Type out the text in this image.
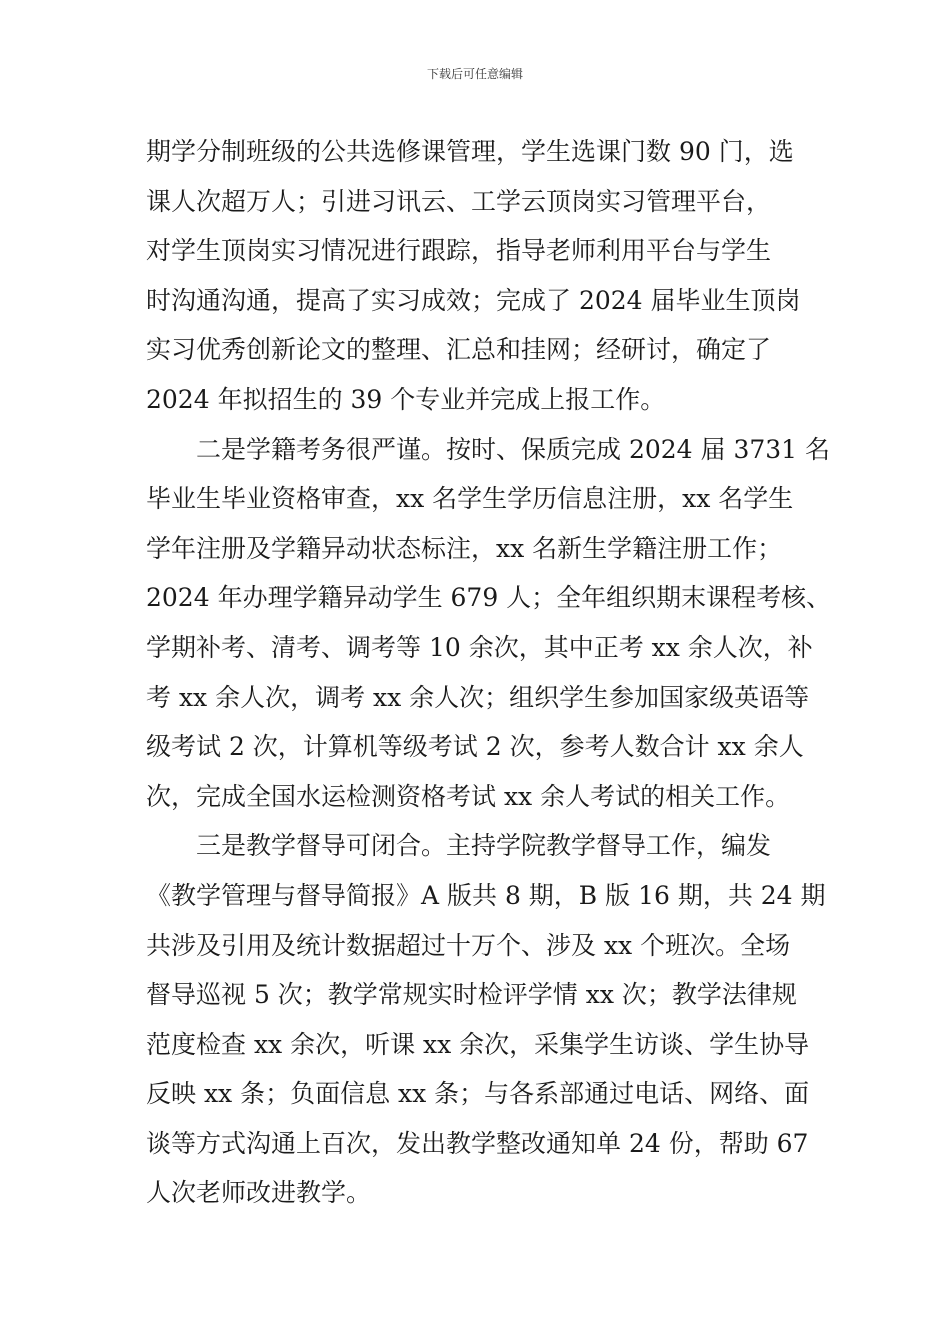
下载后可任意编辑
期学分制班级的公共选修课管理，学生选课门数 90 门，选
课人次超万人；引进习讯云、工学云顶岗实习管理平台，
对学生顶岗实习情况进行跟踪，指导老师利用平台与学生
时沟通沟通，提高了实习成效；完成了 2024 届毕业生顶岗
实习优秀创新论文的整理、汇总和挂网；经研讨，确定了
2024 年拟招生的 39 个专业并完成上报工作。
　　二是学籍考务很严谨。按时、保质完成 2024 届 3731 名
毕业生毕业资格审查，xx 名学生学历信息注册，xx 名学生
学年注册及学籍异动状态标注，xx 名新生学籍注册工作；
2024 年办理学籍异动学生 679 人；全年组织期末课程考核、
学期补考、清考、调考等 10 余次，其中正考 xx 余人次，补
考 xx 余人次，调考 xx 余人次；组织学生参加国家级英语等
级考试 2 次，计算机等级考试 2 次，参考人数合计 xx 余人
次，完成全国水运检测资格考试 xx 余人考试的相关工作。
　　三是教学督导可闭合。主持学院教学督导工作，编发
《教学管理与督导简报》A 版共 8 期，B 版 16 期，共 24 期
共涉及引用及统计数据超过十万个、涉及 xx 个班次。全场
督导巡视 5 次；教学常规实时检评学情 xx 次；教学法律规
范度检查 xx 余次，听课 xx 余次，采集学生访谈、学生协导
反映 xx 条；负面信息 xx 条；与各系部通过电话、网络、面
谈等方式沟通上百次，发出教学整改通知单 24 份，帮助 67
人次老师改进教学。
